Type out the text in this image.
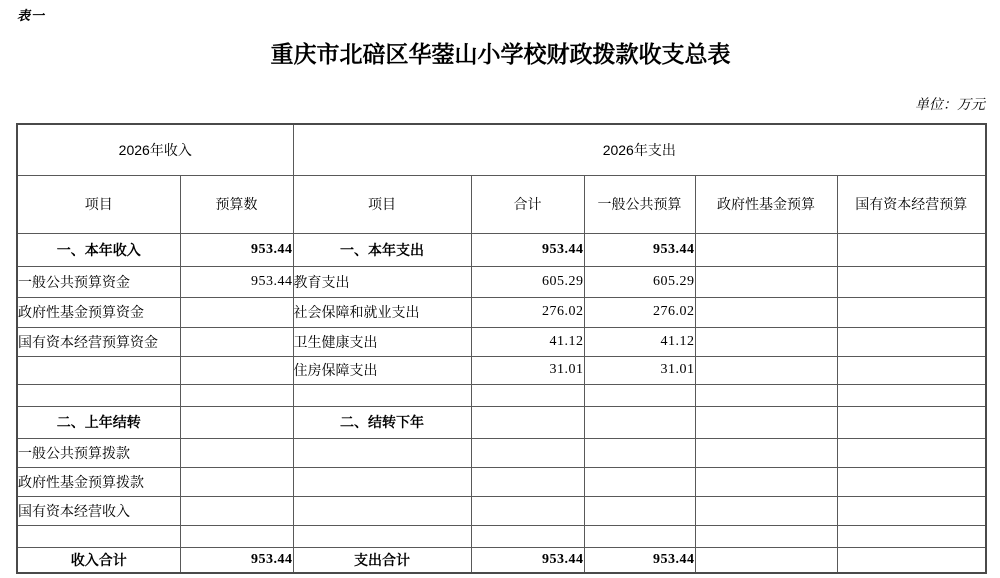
表一
重庆市北碚区华蓥山小学校财政拨款收支总表
单位：万元
2026年收入		2026年支出				
项目	预算数	项目	合计	一般公共预算	政府性基金预算	国有资本经营预算
一、本年收入	953.44	一、本年支出	953.44	953.44		
一般公共预算资金	953.44	教育支出	605.29	605.29		
政府性基金预算资金		社会保障和就业支出	276.02	276.02		
国有资本经营预算资金		卫生健康支出	41.12	41.12		
		住房保障支出	31.01	31.01		

二、上年结转		二、结转下年				
一般公共预算拨款						
政府性基金预算拨款						
国有资本经营收入						

收入合计	953.44	支出合计	953.44	953.44		
